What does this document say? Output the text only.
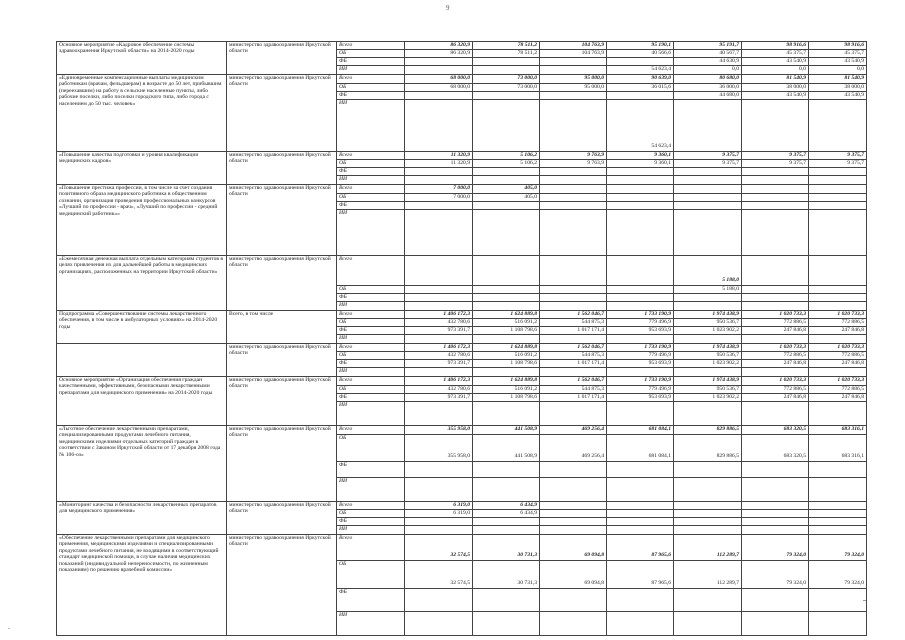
9
Основное мероприятие «Кадровое обеспечение системы здравоохранения Иркутской области» на 2014-2020 годы	министерство здравоохранения Иркутской области	Всего	86 320,9	78 511,2	104 763,9	95 190,1	95 191,7	98 916,6	98 916,6

		ОБ	86 320,9	78 511,2	104 763,9	40 566,6	40 567,7	45 375,7	45 375,7

		ФБ					44 630,9	43 540,9	43 540,9

		ИИ				54 623,4	0,0	0,0	0,0

«Единовременные компенсационные выплаты медицинским работникам (врачам, фельдшерам) в возрасте до 50 лет, прибывшим (переехавшим) на работу в сельские населенные пункты, либо рабочие поселки, либо поселки городского типа, либо города с населением до 50 тыс. человек»	министерство здравоохранения Иркутской области	Всего	68 000,0	73 000,0	95 000,0	90 639,0	80 680,0	81 540,9	81 540,9

		ОБ	68 000,0	73 000,0	95 000,0	36 015,6	36 000,0	38 000,0	38 000,0

		ФБ					44 680,0	43 540,9	43 540,9

		ИИ				54 623,4			

«Повышение качества подготовки и уровня квалификации медицинских кадров»	министерство здравоохранения Иркутской области	Всего	11 320,9	5 106,2	9 763,9	9 360,1	9 375,7	9 375,7	9 375,7

		ОБ	11 320,9	5 106,2	9 763,9	9 360,1	9 375,7	9 375,7	9 375,7

		ФБ	

		ИИ	

«Повышение престижа профессии, в том числе за счет создания позитивного образа медицинского работника в общественном сознании, организация проведения профессиональных конкурсов «Лучший по профессии - врач», «Лучший по профессии - средний медицинский работник»»	министерство здравоохранения Иркутской области	Всего	7 000,0	405,0					

		ОБ	7 000,0	405,0					

		ФБ	

		ИИ	

«Ежемесячная денежная выплата отдельным категориям студентов в целях привлечения их для дальнейшей работы в медицинских организациях, расположенных на территории Иркутской области»	министерство здравоохранения Иркутской области	Всего					5 188,0		

		ОБ					5 188,0		

		ФБ	

		ИИ	

Подпрограмма «Совершенствование системы лекарственного обеспечения, в том числе в амбулаторных условиях» на 2014-2020 годы	Всего, в том числе	Всего	1 406 172,3	1 624 889,8	1 562 046,7	1 733 190,9	1 974 438,9	1 020 733,3	1 020 733,3

		ОБ	432 780,6	516 091,2	544 875,3	779 496,9	950 536,7	772 886,5	772 886,5

		ФБ	973 391,7	1 108 798,6	1 017 171,4	953 693,9	1 023 902,2	247 846,8	247 846,8

		ИИ	

	министерство здравоохранения Иркутской области	Всего	1 406 172,3	1 624 889,8	1 562 046,7	1 733 190,9	1 974 438,9	1 020 733,3	1 020 733,3

		ОБ	432 780,6	516 091,2	544 875,3	779 496,9	950 536,7	772 886,5	772 886,5

		ФБ	973 391,7	1 108 798,6	1 017 171,4	953 693,9	1 023 902,2	247 846,8	247 846,8

		ИИ	

Основное мероприятие «Организация обеспечения граждан качественными, эффективными, безопасными лекарственными препаратами для медицинского применения» на 2014-2020 годы	министерство здравоохранения Иркутской области	Всего	1 406 172,3	1 624 889,8	1 562 046,7	1 733 190,9	1 974 438,9	1 020 733,3	1 020 733,3

		ОБ	432 780,6	516 091,2	544 875,3	779 496,9	950 536,7	772 886,5	772 886,5

		ФБ	973 391,7	1 108 798,6	1 017 171,4	953 693,9	1 023 902,2	247 846,8	247 846,8

		ИИ	

«Льготное обеспечение лекарственными препаратами, специализированными продуктами лечебного питания, медицинскими изделиями отдельных категорий граждан в соответствии с Законом Иркутской области от 17 декабря 2008 года № 106-оз»	министерство здравоохранения Иркутской области	Всего	355 958,0	441 508,9	469 256,4	681 084,1	829 886,5	683 320,5	683 316,1

		ОБ	355 958,0	441 508,9	469 256,4	681 084,1	829 886,5	683 320,5	683 316,1

		ФБ	

		ИИ	

«Мониторинг качества и безопасности лекарственных препаратов для медицинского применения»	министерство здравоохранения Иркутской области	Всего	6 319,0	6 434,9					

		ОБ	6 319,0	6 434,9					

		ФБ	

		ИИ	

«Обеспечение лекарственными препаратами для медицинского применения, медицинскими изделиями и специализированными продуктами лечебного питания, не входящими в соответствующий стандарт медицинской помощи, в случае наличия медицинских показаний (индивидуальной непереносимости, по жизненным показаниям) по решению врачебной комиссии»	министерство здравоохранения Иркутской области	Всего	32 574,5	30 731,3	69 094,8	87 965,6	112 289,7	79 324,0	79 324,0

		ОБ	32 574,5	30 731,3	69 094,8	87 965,6	112 289,7	79 324,0	79 324,0

		ФБ	

		ИИ	
